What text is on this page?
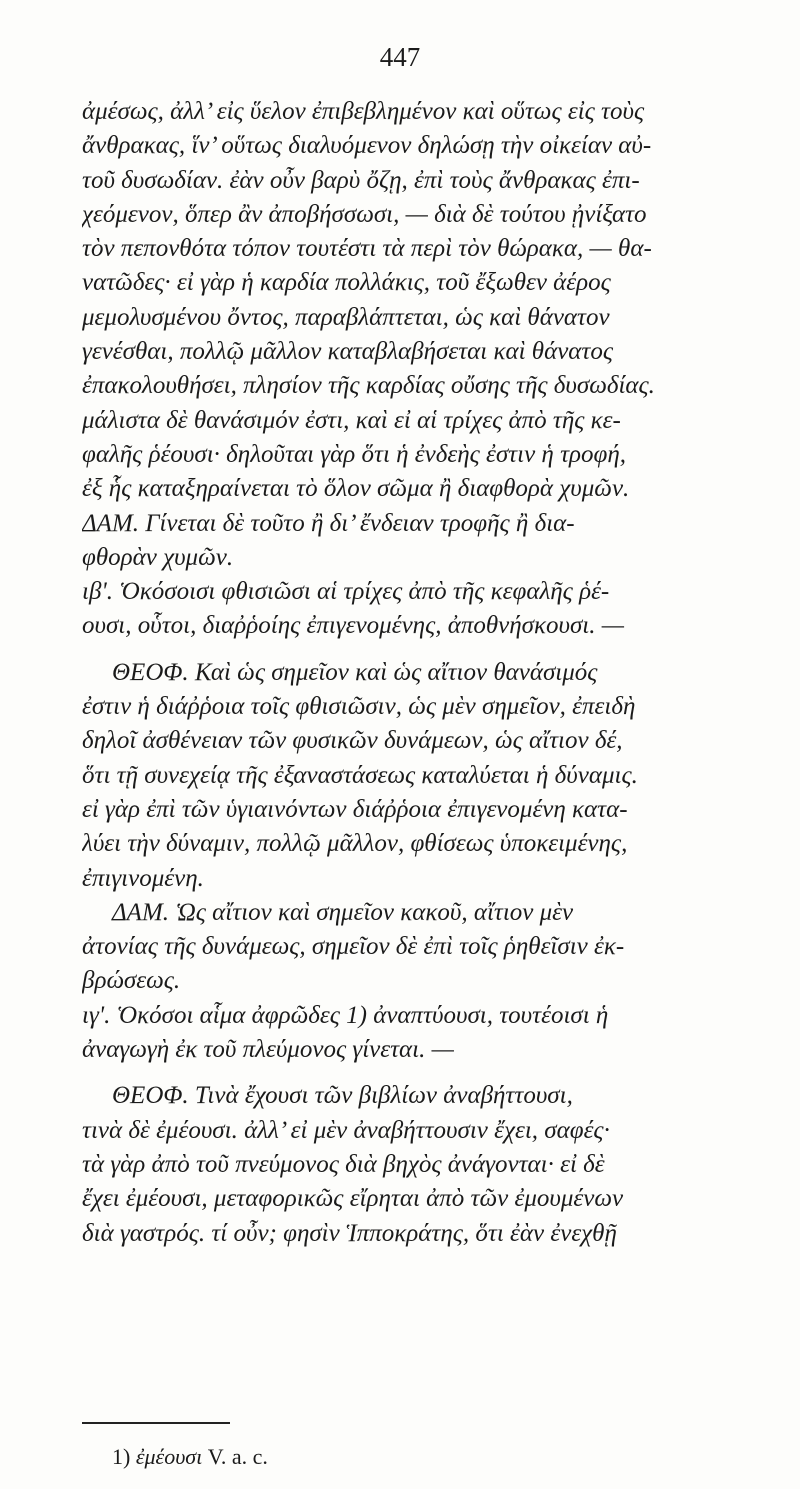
447
ἀμέσως, ἀλλ’ εἰς ὕελον ἐπιβεβλημένον καὶ οὕτως εἰς τοὺς
ἄνθρακας, ἵν’ οὕτως διαλυόμενον δηλώσῃ τὴν οἰκείαν αὐ-
τοῦ δυσωδίαν. ἐὰν οὖν βαρὺ ὄζῃ, ἐπὶ τοὺς ἄνθρακας ἐπι-
χεόμενον, ὅπερ ἂν ἀποβήσσωσι, — διὰ δὲ τούτου ᾐνίξατο
τὸν πεπονθότα τόπον τουτέστι τὰ περὶ τὸν θώρακα, — θα-
νατῶδες· εἰ γὰρ ἡ καρδία πολλάκις, τοῦ ἔξωθεν ἀέρος
μεμολυσμένου ὄντος, παραβλάπτεται, ὡς καὶ θάνατον
γενέσθαι, πολλῷ μᾶλλον καταβλαβήσεται καὶ θάνατος
ἐπακολουθήσει, πλησίον τῆς καρδίας οὔσης τῆς δυσωδίας.
μάλιστα δὲ θανάσιμόν ἐστι, καὶ εἰ αἱ τρίχες ἀπὸ τῆς κε-
φαλῆς ῥέουσι· δηλοῦται γὰρ ὅτι ἡ ἐνδεὴς ἐστιν ἡ τροφή,
ἐξ ἧς καταξηραίνεται τὸ ὅλον σῶμα ἢ διαφθορὰ χυμῶν.
ΔΑΜ. Γίνεται δὲ τοῦτο ἢ δι’ ἔνδειαν τροφῆς ἢ δια-
φθορὰν χυμῶν.
ιβʹ. Ὁκόσοισι φθισιῶσι αἱ τρίχες ἀπὸ τῆς κεφαλῆς ῥέ-
ουσι, οὗτοι, διαῤῥοίης ἐπιγενομένης, ἀποθνήσκουσι. —
ΘΕΟΦ. Καὶ ὡς σημεῖον καὶ ὡς αἴτιον θανάσιμός
ἐστιν ἡ διάῤῥοια τοῖς φθισιῶσιν, ὡς μὲν σημεῖον, ἐπειδὴ
δηλοῖ ἀσθένειαν τῶν φυσικῶν δυνάμεων, ὡς αἴτιον δέ,
ὅτι τῇ συνεχείᾳ τῆς ἐξαναστάσεως καταλύεται ἡ δύναμις.
εἰ γὰρ ἐπὶ τῶν ὑγιαινόντων διάῤῥοια ἐπιγενομένη κατα-
λύει τὴν δύναμιν, πολλῷ μᾶλλον, φθίσεως ὑποκειμένης,
ἐπιγινομένη.
ΔΑΜ. Ὡς αἴτιον καὶ σημεῖον κακοῦ, αἴτιον μὲν
ἀτονίας τῆς δυνάμεως, σημεῖον δὲ ἐπὶ τοῖς ῥηθεῖσιν ἐκ-
βρώσεως.
ιγʹ. Ὁκόσοι αἷμα ἀφρῶδες 1) ἀναπτύουσι, τουτέοισι ἡ
ἀναγωγὴ ἐκ τοῦ πλεύμονος γίνεται. —
ΘΕΟΦ. Τινὰ ἔχουσι τῶν βιβλίων ἀναβήττουσι,
τινὰ δὲ ἐμέουσι. ἀλλ’ εἰ μὲν ἀναβήττουσιν ἔχει, σαφές·
τὰ γὰρ ἀπὸ τοῦ πνεύμονος διὰ βηχὸς ἀνάγονται· εἰ δὲ
ἔχει ἐμέουσι, μεταφορικῶς εἴρηται ἀπὸ τῶν ἐμουμένων
διὰ γαστρός. τί οὖν; φησὶν Ἱπποκράτης, ὅτι ἐὰν ἐνεχθῇ
1) ἐμέουσι V. a. c.
